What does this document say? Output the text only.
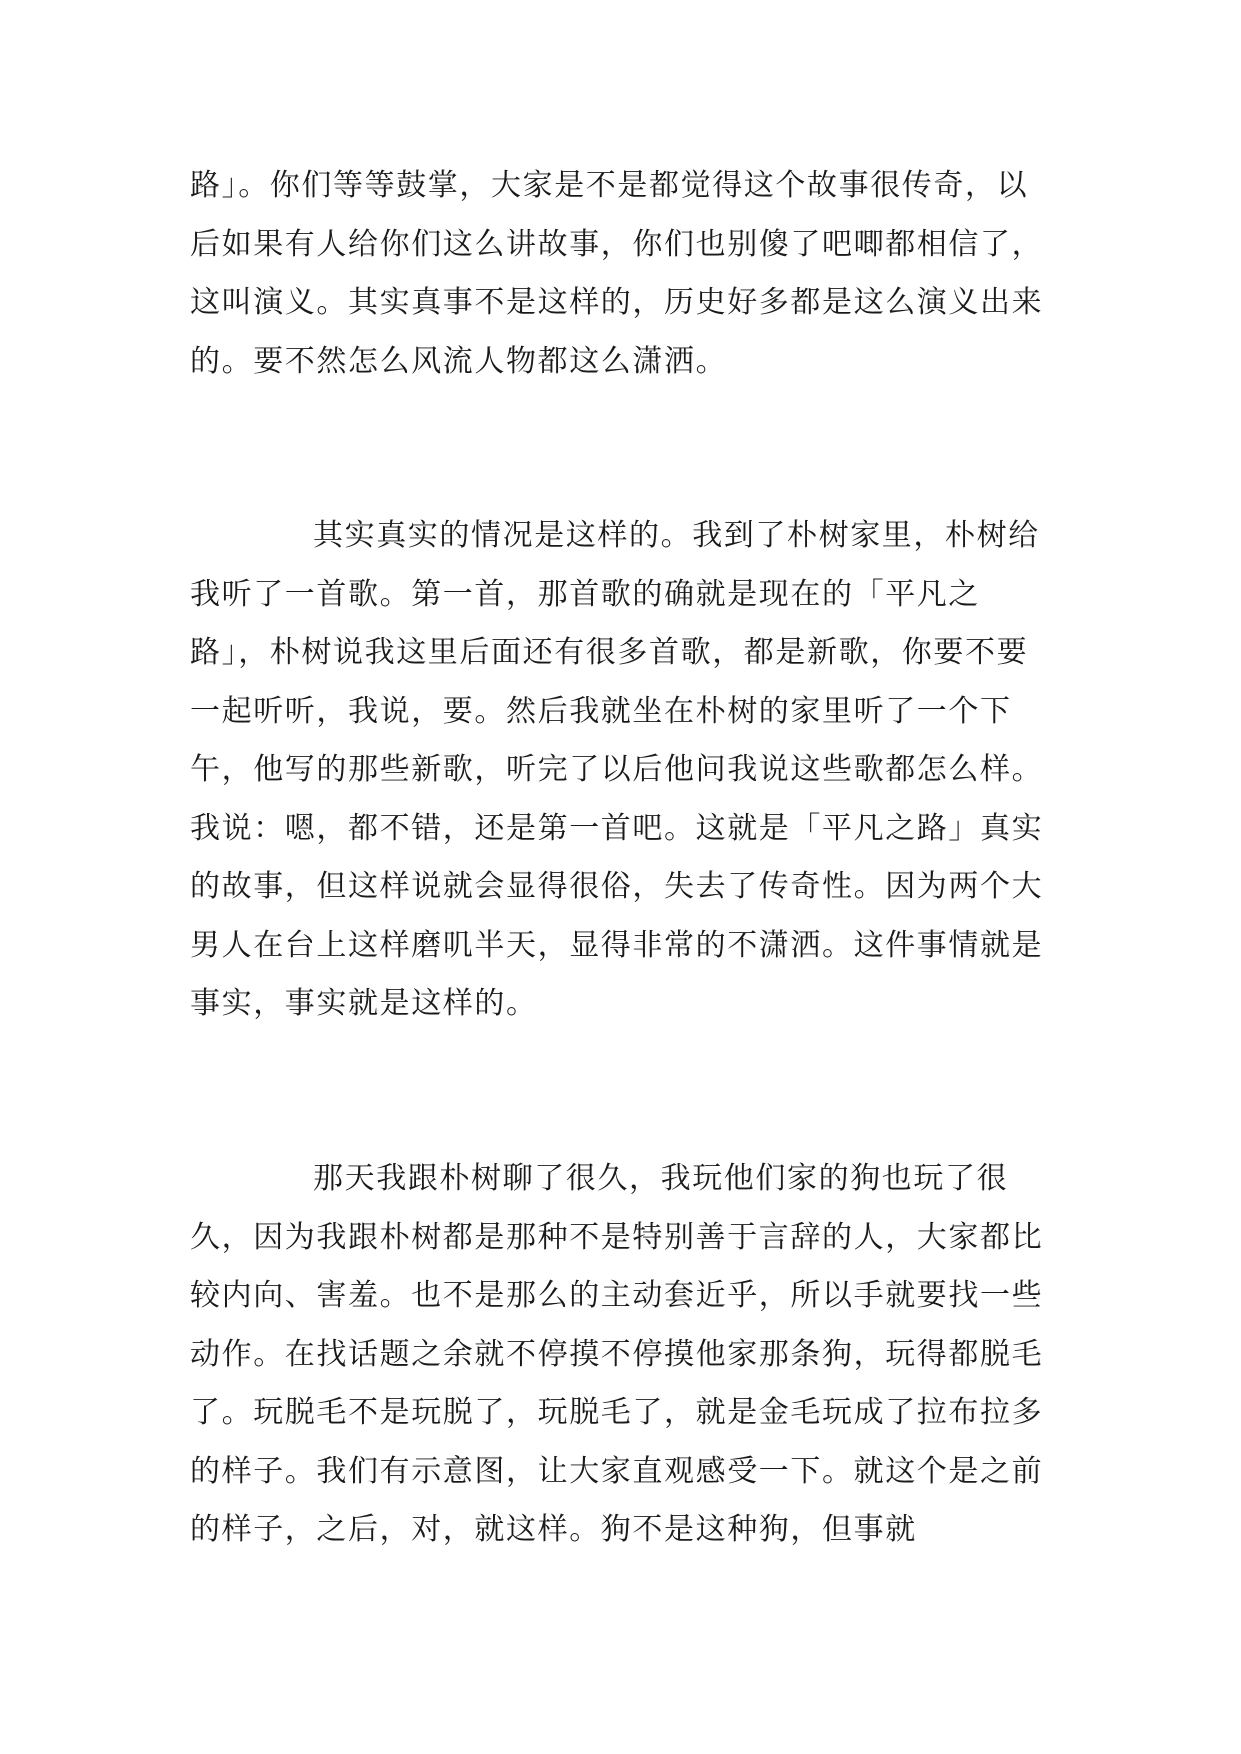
路」。你们等等鼓掌，大家是不是都觉得这个故事很传奇，以后如果有人给你们这么讲故事，你们也别傻了吧唧都相信了，这叫演义。其实真事不是这样的，历史好多都是这么演义出来的。要不然怎么风流人物都这么潇洒。

其实真实的情况是这样的。我到了朴树家里，朴树给我听了一首歌。第一首，那首歌的确就是现在的「平凡之路」，朴树说我这里后面还有很多首歌，都是新歌，你要不要一起听听，我说，要。然后我就坐在朴树的家里听了一个下午，他写的那些新歌，听完了以后他问我说这些歌都怎么样。我说：嗯，都不错，还是第一首吧。这就是「平凡之路」真实的故事，但这样说就会显得很俗，失去了传奇性。因为两个大男人在台上这样磨叽半天，显得非常的不潇洒。这件事情就是事实，事实就是这样的。

那天我跟朴树聊了很久，我玩他们家的狗也玩了很久，因为我跟朴树都是那种不是特别善于言辞的人，大家都比较内向、害羞。也不是那么的主动套近乎，所以手就要找一些动作。在找话题之余就不停摸不停摸他家那条狗，玩得都脱毛了。玩脱毛不是玩脱了，玩脱毛了，就是金毛玩成了拉布拉多的样子。我们有示意图，让大家直观感受一下。就这个是之前的样子，之后，对，就这样。狗不是这种狗，但事就
